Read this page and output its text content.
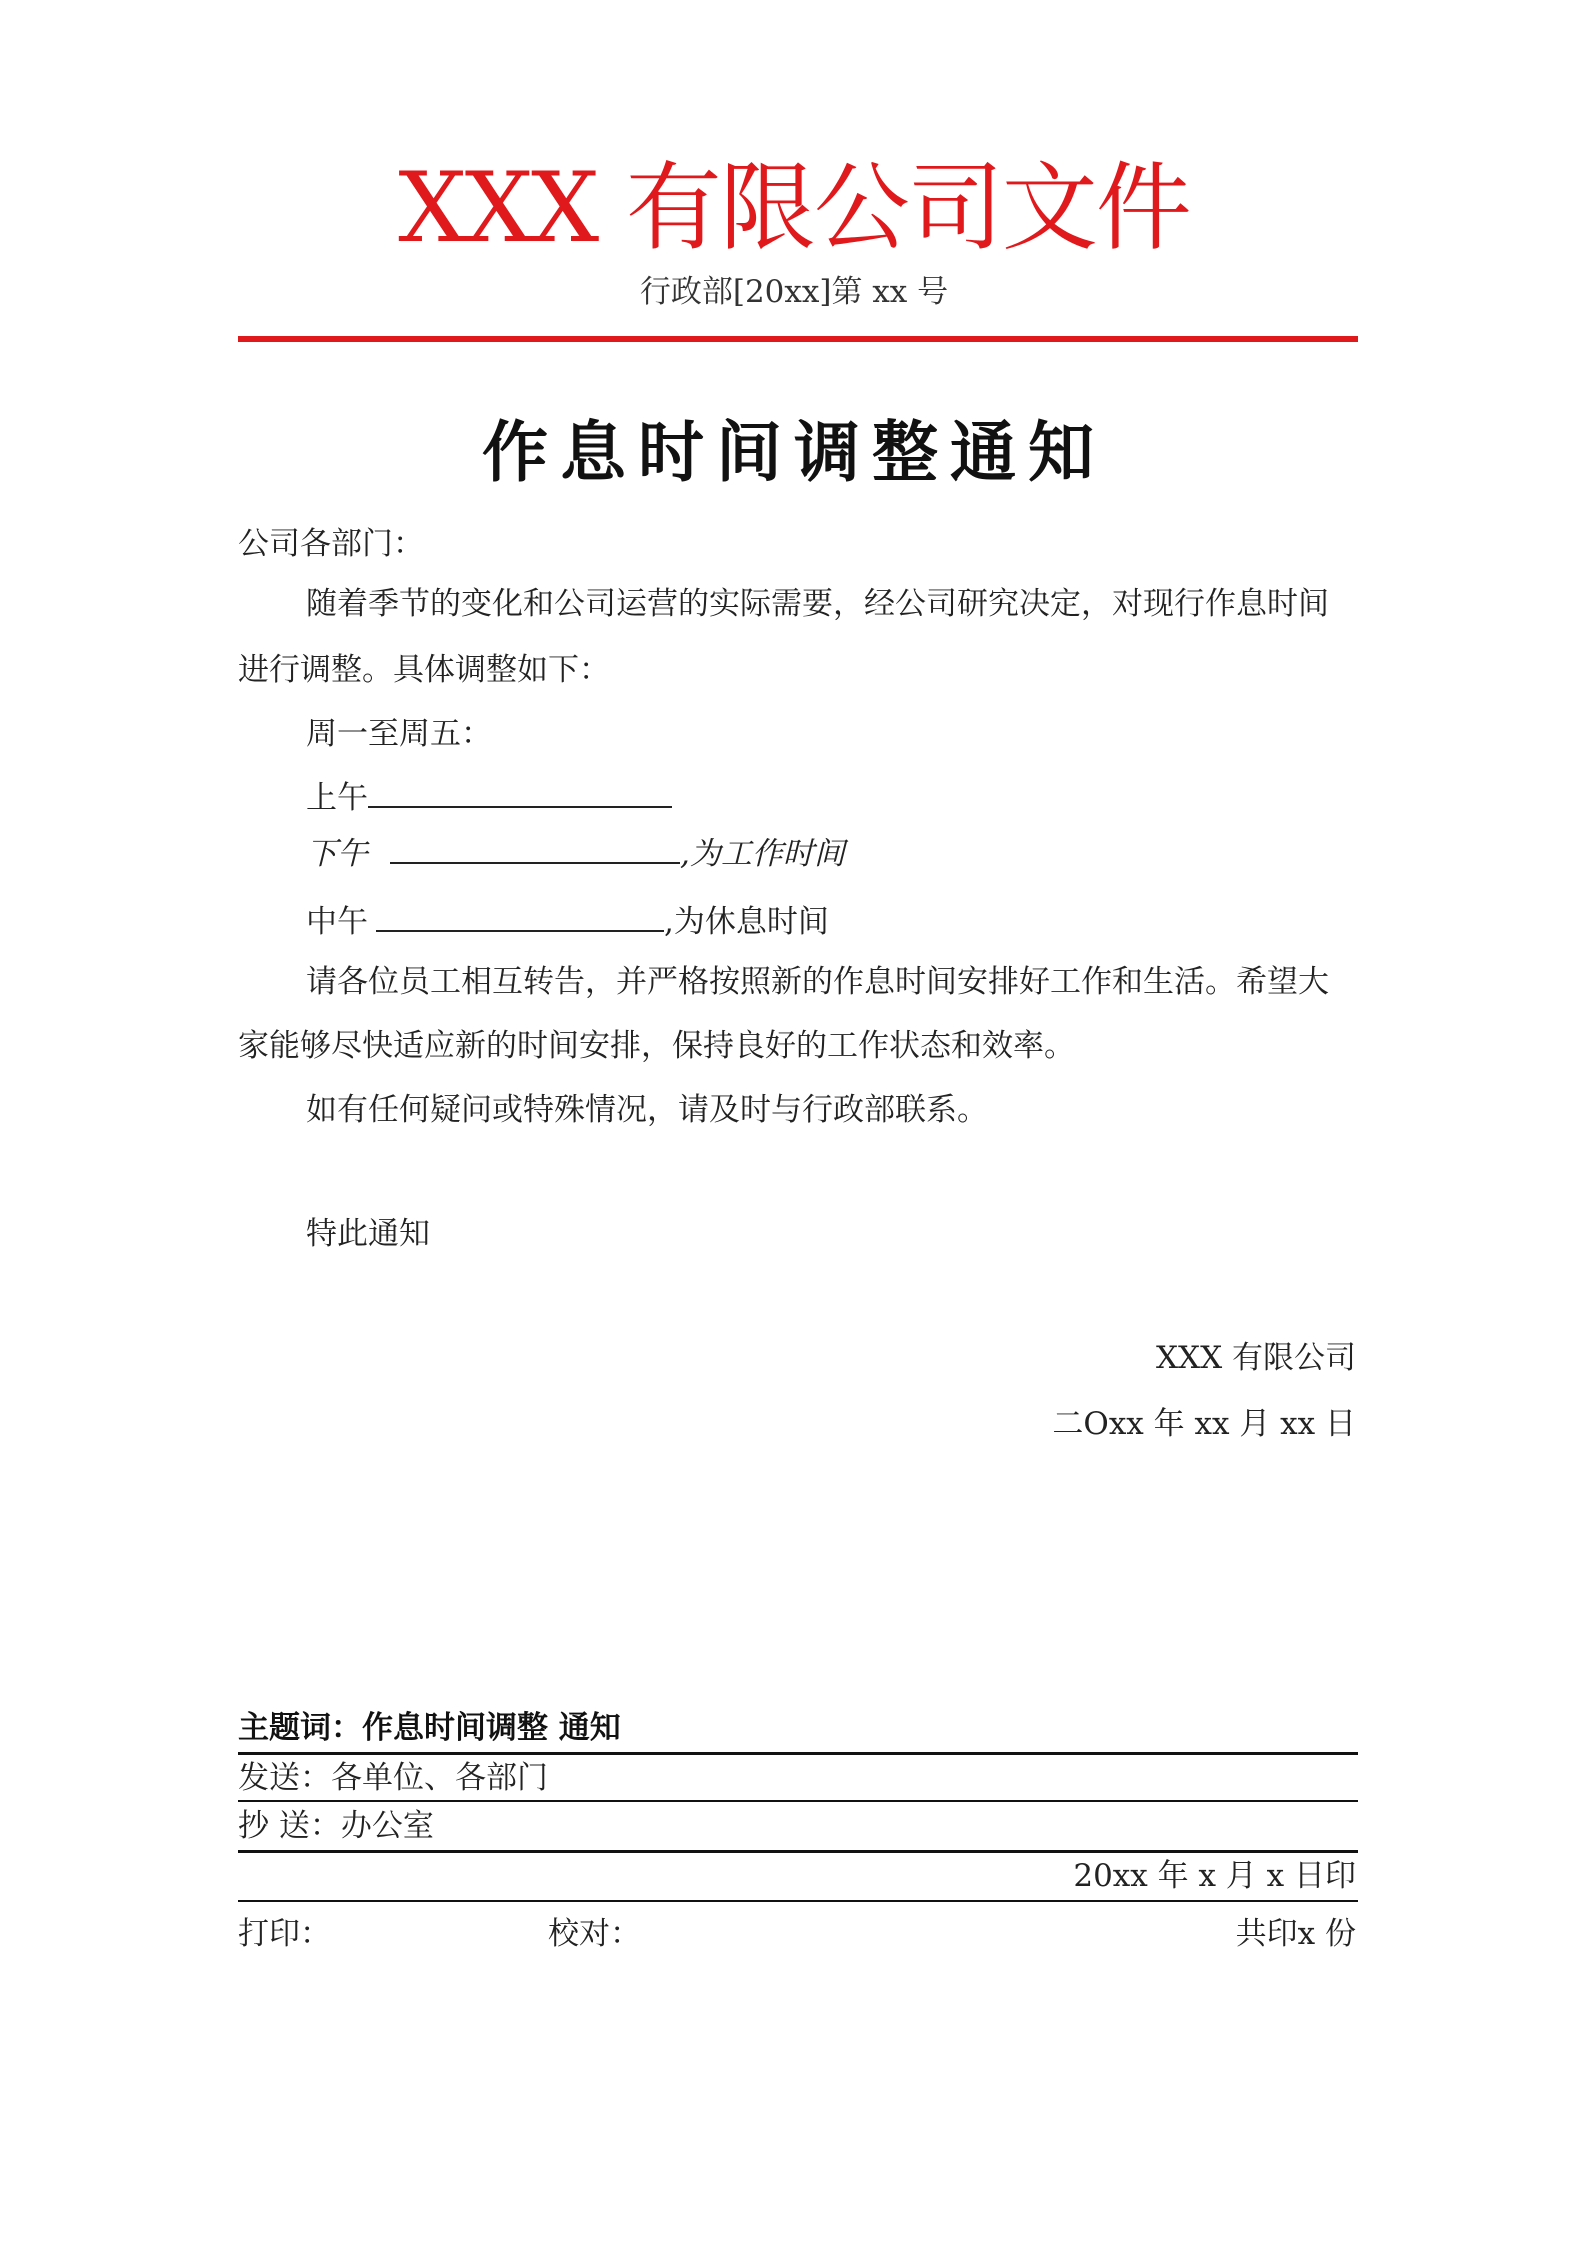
XXX 有限公司文件
行政部[20xx]第 xx 号
作息时间调整通知
公司各部门：
随着季节的变化和公司运营的实际需要，经公司研究决定，对现行作息时间
进行调整。具体调整如下：
周一至周五：
上午
下午	,为工作时间
中午	,为休息时间
请各位员工相互转告，并严格按照新的作息时间安排好工作和生活。希望大
家能够尽快适应新的时间安排，保持良好的工作状态和效率。
如有任何疑问或特殊情况，请及时与行政部联系。
特此通知
XXX 有限公司
二Oxx 年 xx 月 xx 日
主题词：作息时间调整 通知
发送：各单位、各部门
抄 送：办公室
20xx 年 x 月 x 日印
打印：	校对：	共印x 份
